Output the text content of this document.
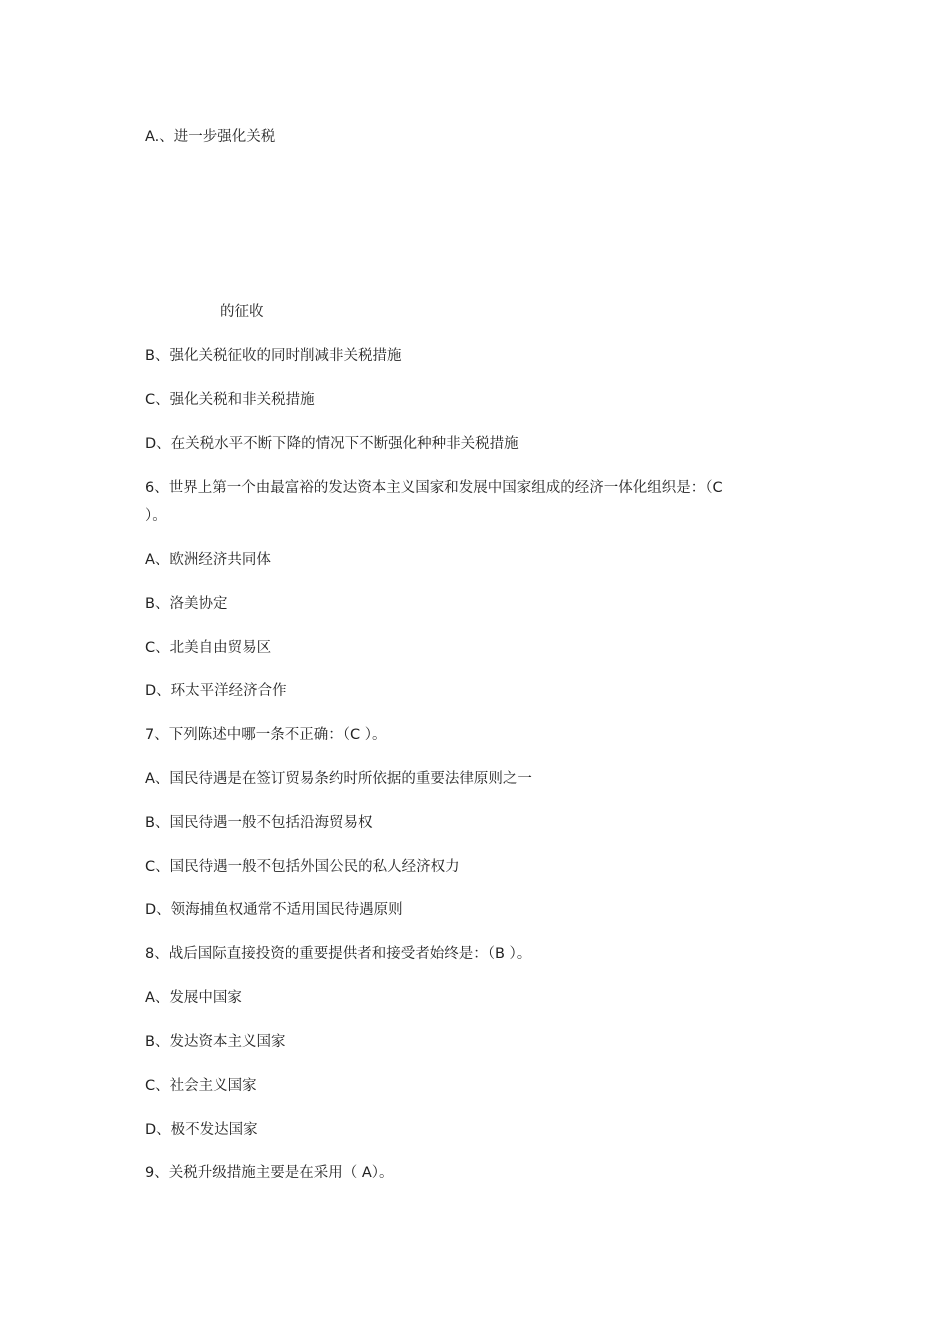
A.、进一步强化关税
的征收
B、强化关税征收的同时削减非关税措施
C、强化关税和非关税措施
D、在关税水平不断下降的情况下不断强化种种非关税措施
6、世界上第一个由最富裕的发达资本主义国家和发展中国家组成的经济一体化组织是：（C
）。
A、欧洲经济共同体
B、洛美协定
C、北美自由贸易区
D、环太平洋经济合作
7、下列陈述中哪一条不正确：（C ）。
A、国民待遇是在签订贸易条约时所依据的重要法律原则之一
B、国民待遇一般不包括沿海贸易权
C、国民待遇一般不包括外国公民的私人经济权力
D、领海捕鱼权通常不适用国民待遇原则
8、战后国际直接投资的重要提供者和接受者始终是：（B ）。
A、发展中国家
B、发达资本主义国家
C、社会主义国家
D、极不发达国家
9、关税升级措施主要是在采用（ A）。
